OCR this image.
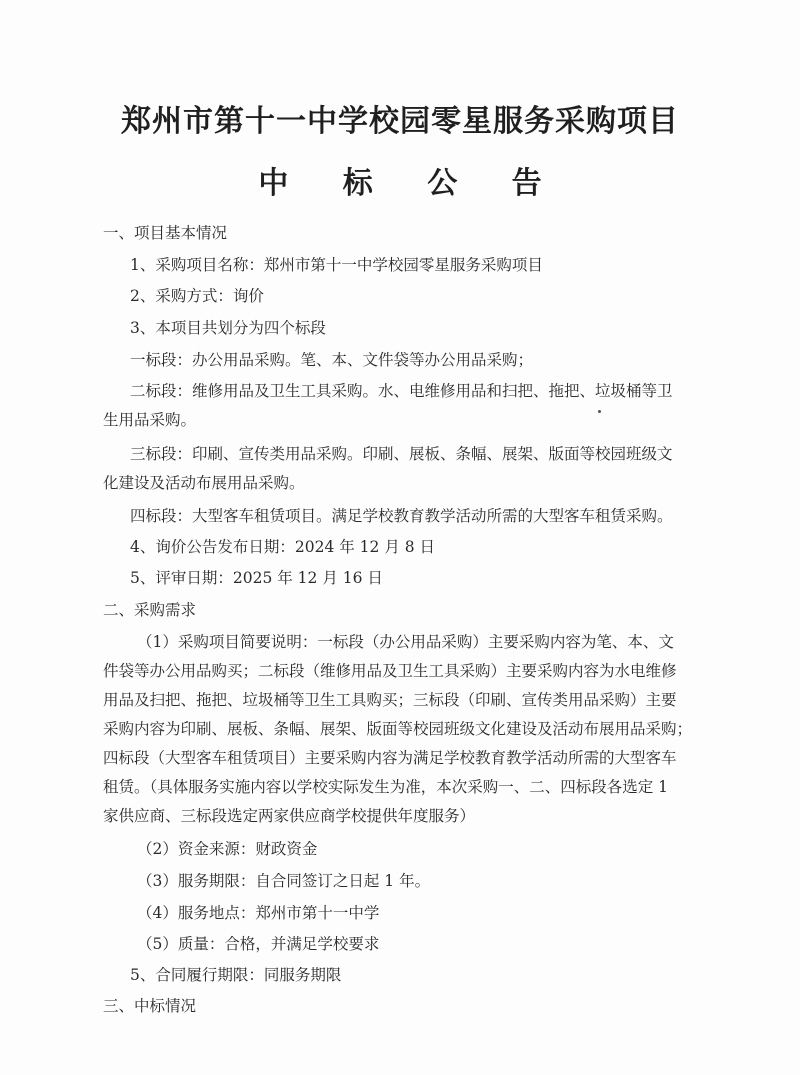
郑州市第十一中学校园零星服务采购项目
中 标 公 告
一、项目基本情况
1、采购项目名称：郑州市第十一中学校园零星服务采购项目
2、采购方式：询价
3、本项目共划分为四个标段
一标段：办公用品采购。笔、本、文件袋等办公用品采购；
二标段：维修用品及卫生工具采购。水、电维修用品和扫把、拖把、垃圾桶等卫
生用品采购。
三标段：印刷、宣传类用品采购。印刷、展板、条幅、展架、版面等校园班级文
化建设及活动布展用品采购。
四标段：大型客车租赁项目。满足学校教育教学活动所需的大型客车租赁采购。
4、询价公告发布日期：2024 年 12 月 8 日
5、评审日期：2025 年 12 月 16 日
二、采购需求
（1）采购项目简要说明：一标段（办公用品采购）主要采购内容为笔、本、文
件袋等办公用品购买；二标段（维修用品及卫生工具采购）主要采购内容为水电维修
用品及扫把、拖把、垃圾桶等卫生工具购买；三标段（印刷、宣传类用品采购）主要
采购内容为印刷、展板、条幅、展架、版面等校园班级文化建设及活动布展用品采购；
四标段（大型客车租赁项目）主要采购内容为满足学校教育教学活动所需的大型客车
租赁。（具体服务实施内容以学校实际发生为准，本次采购一、二、四标段各选定 1
家供应商、三标段选定两家供应商学校提供年度服务）
（2）资金来源：财政资金
（3）服务期限：自合同签订之日起 1 年。
（4）服务地点：郑州市第十一中学
（5）质量：合格，并满足学校要求
5、合同履行期限：同服务期限
三、中标情况
